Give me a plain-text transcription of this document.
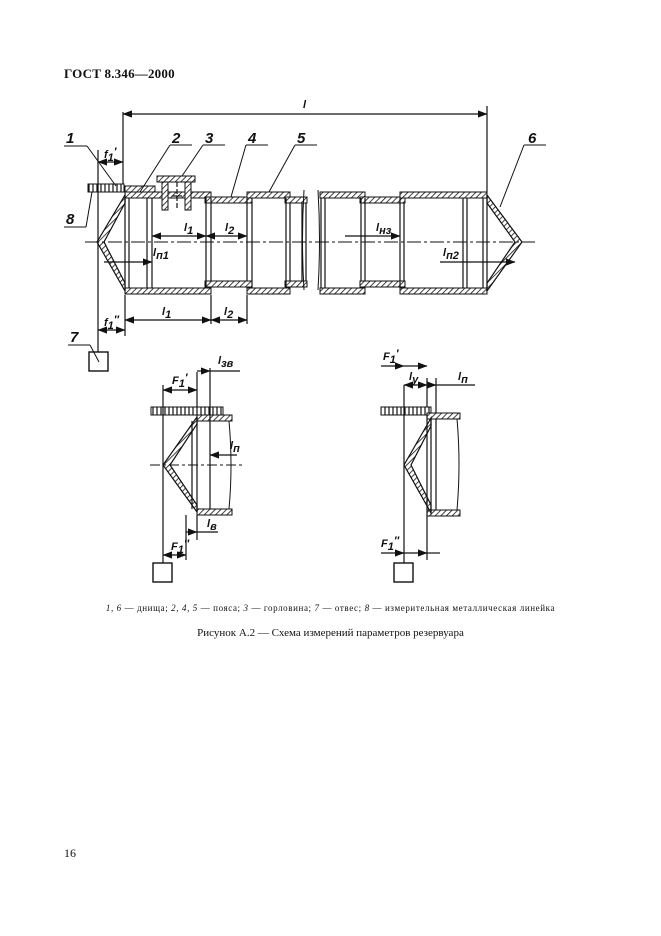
ГОСТ 8.346—2000
l
1	2 3 4	5	6
7
8
f1′
f1″
l1	l2	lнз
lп1	lп2
l1	l2
F1′
lзв
lп
lв
F1″
F1′
lу	lп
F1″
1, 6 — днища; 2, 4, 5 — пояса; 3 — горловина; 7 — отвес; 8 — измерительная металлическая линейка
Рисунок А.2 — Схема измерений параметров резервуара
16
